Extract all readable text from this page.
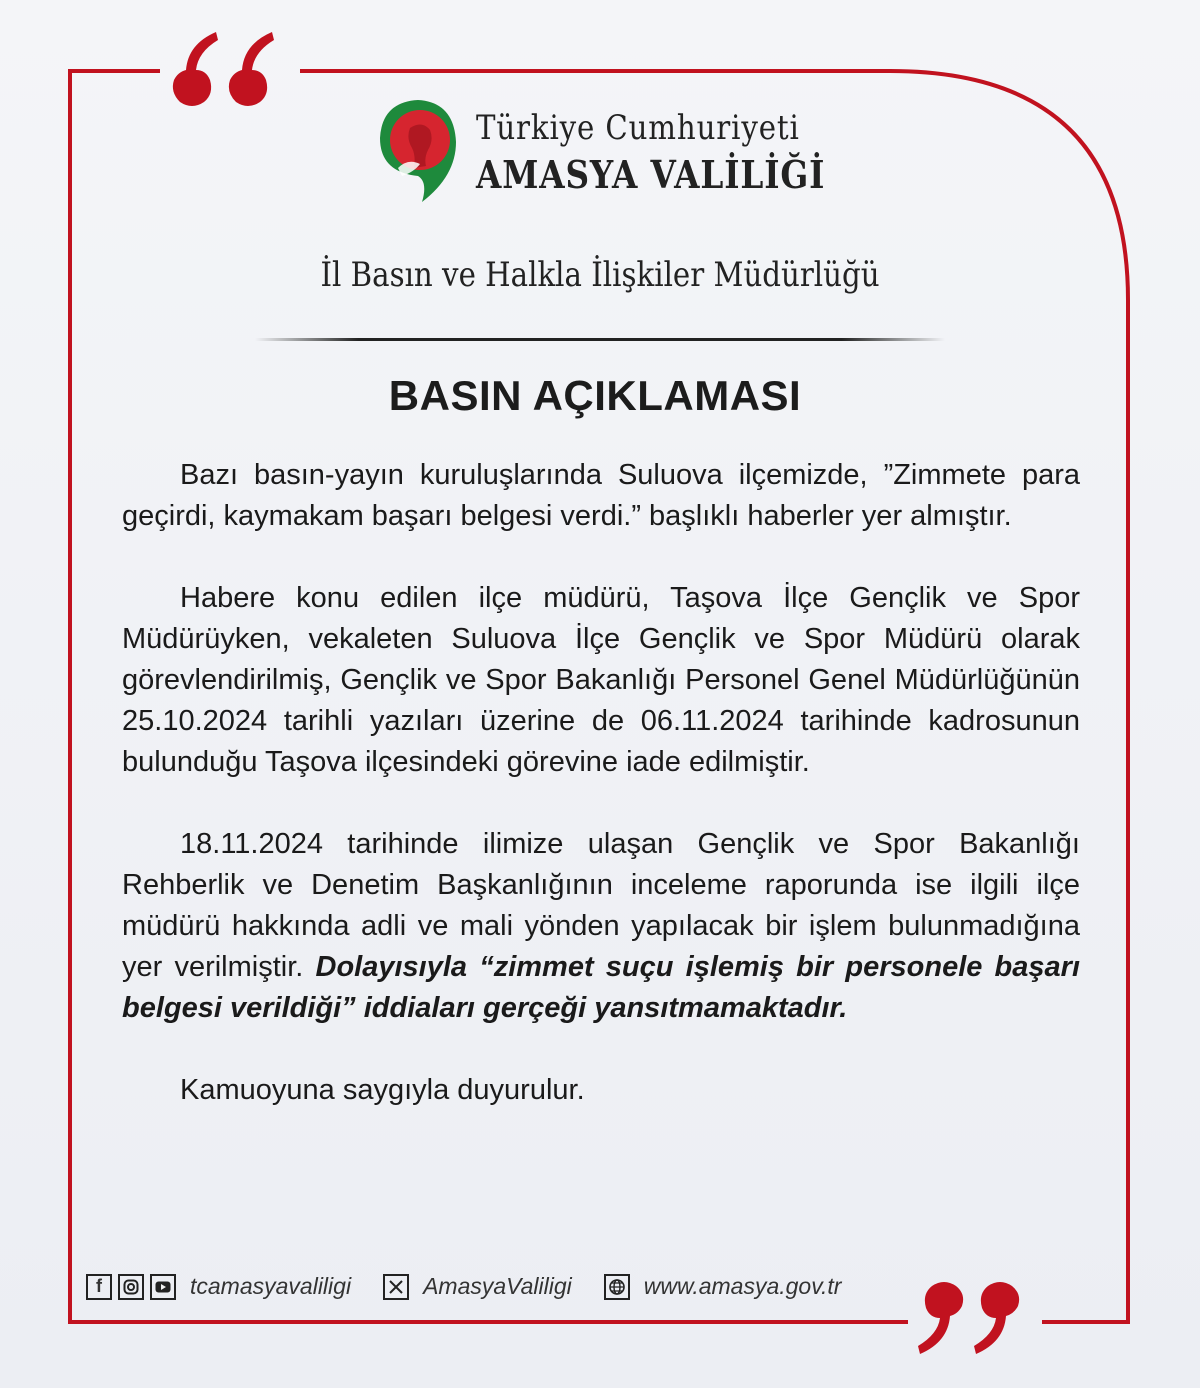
Türkiye Cumhuriyeti
AMASYA VALİLİĞİ
İl Basın ve Halkla İlişkiler Müdürlüğü
BASIN AÇIKLAMASI

Bazı basın-yayın kuruluşlarında Suluova ilçemizde, ”Zimmete para geçirdi, kaymakam başarı belgesi verdi.” başlıklı haberler yer almıştır.

Habere konu edilen ilçe müdürü, Taşova İlçe Gençlik ve Spor Müdürüyken, vekaleten Suluova İlçe Gençlik ve Spor Müdürü olarak görevlendirilmiş, Gençlik ve Spor Bakanlığı Personel Genel Müdürlüğünün 25.10.2024 tarihli yazıları üzerine de 06.11.2024 tarihinde kadrosunun bulunduğu Taşova ilçesindeki görevine iade edilmiştir.

18.11.2024 tarihinde ilimize ulaşan Gençlik ve Spor Bakanlığı Rehberlik ve Denetim Başkanlığının inceleme raporunda ise ilgili ilçe müdürü hakkında adli ve mali yönden yapılacak bir işlem bulunmadığına yer verilmiştir. Dolayısıyla “zimmet suçu işlemiş bir personele başarı belgesi verildiği” iddiaları gerçeği yansıtmamaktadır.

Kamuoyuna saygıyla duyurulur.

f	tcamasyavaliligi	AmasyaValiligi	www.amasya.gov.tr
